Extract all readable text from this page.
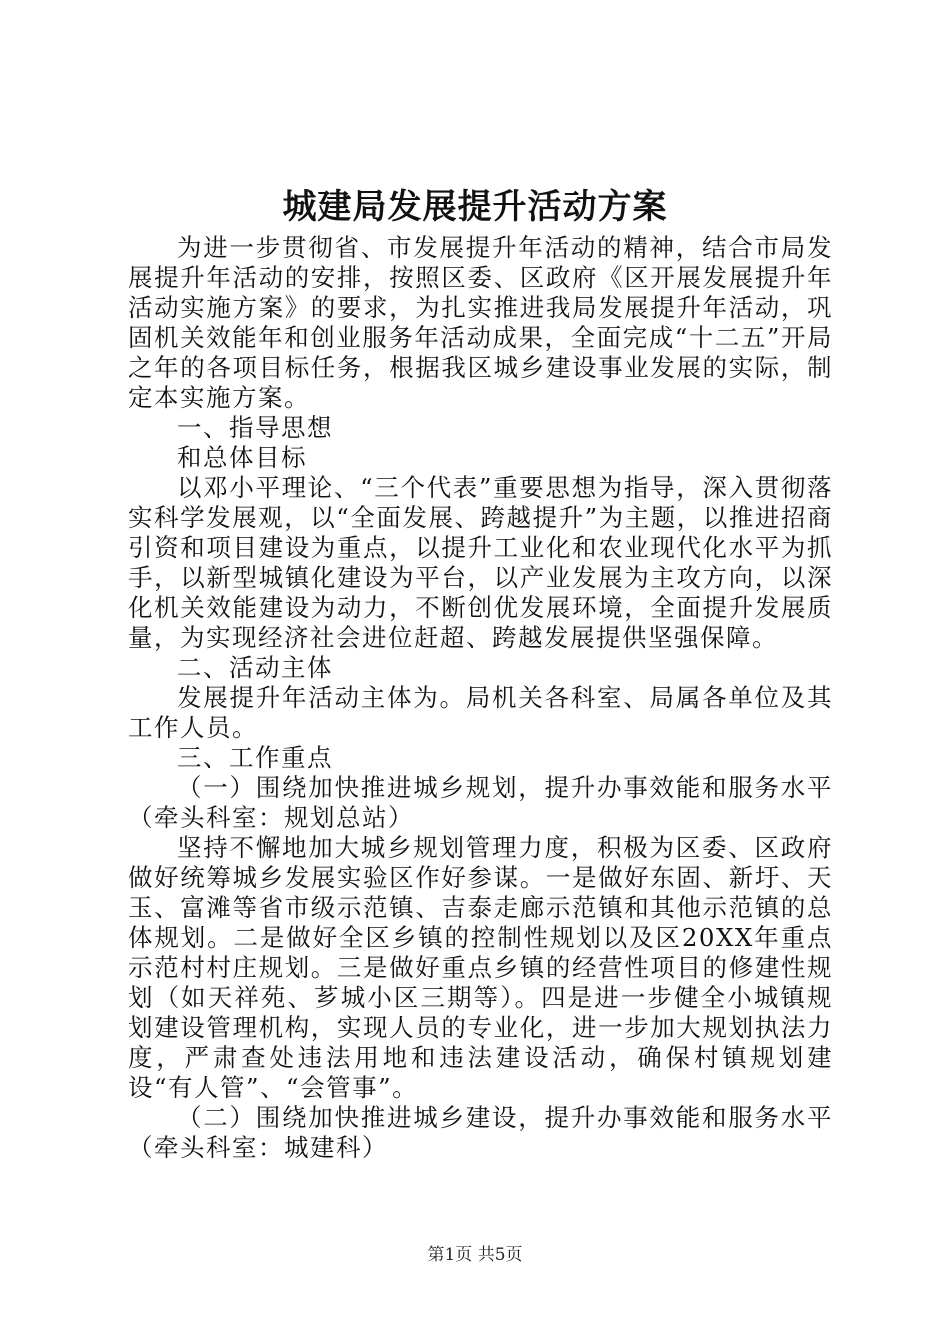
城建局发展提升活动方案

为进一步贯彻省、市发展提升年活动的精神，结合市局发展提升年活动的安排，按照区委、区政府《区开展发展提升年活动实施方案》的要求，为扎实推进我局发展提升年活动，巩固机关效能年和创业服务年活动成果，全面完成“十二五”开局之年的各项目标任务，根据我区城乡建设事业发展的实际，制定本实施方案。

一、指导思想

和总体目标

以邓小平理论、“三个代表”重要思想为指导，深入贯彻落实科学发展观，以“全面发展、跨越提升”为主题，以推进招商引资和项目建设为重点，以提升工业化和农业现代化水平为抓手，以新型城镇化建设为平台，以产业发展为主攻方向，以深化机关效能建设为动力，不断创优发展环境，全面提升发展质量，为实现经济社会进位赶超、跨越发展提供坚强保障。

二、活动主体

发展提升年活动主体为。局机关各科室、局属各单位及其工作人员。

三、工作重点

（一）围绕加快推进城乡规划，提升办事效能和服务水平（牵头科室：规划总站）

坚持不懈地加大城乡规划管理力度，积极为区委、区政府做好统筹城乡发展实验区作好参谋。一是做好东固、新圩、天玉、富滩等省市级示范镇、吉泰走廊示范镇和其他示范镇的总体规划。二是做好全区乡镇的控制性规划以及区20XX年重点示范村村庄规划。三是做好重点乡镇的经营性项目的修建性规划（如天祥苑、芗城小区三期等）。四是进一步健全小城镇规划建设管理机构，实现人员的专业化，进一步加大规划执法力度，严肃查处违法用地和违法建设活动，确保村镇规划建设“有人管”、“会管事”。

（二）围绕加快推进城乡建设，提升办事效能和服务水平（牵头科室：城建科）

第1页 共5页
